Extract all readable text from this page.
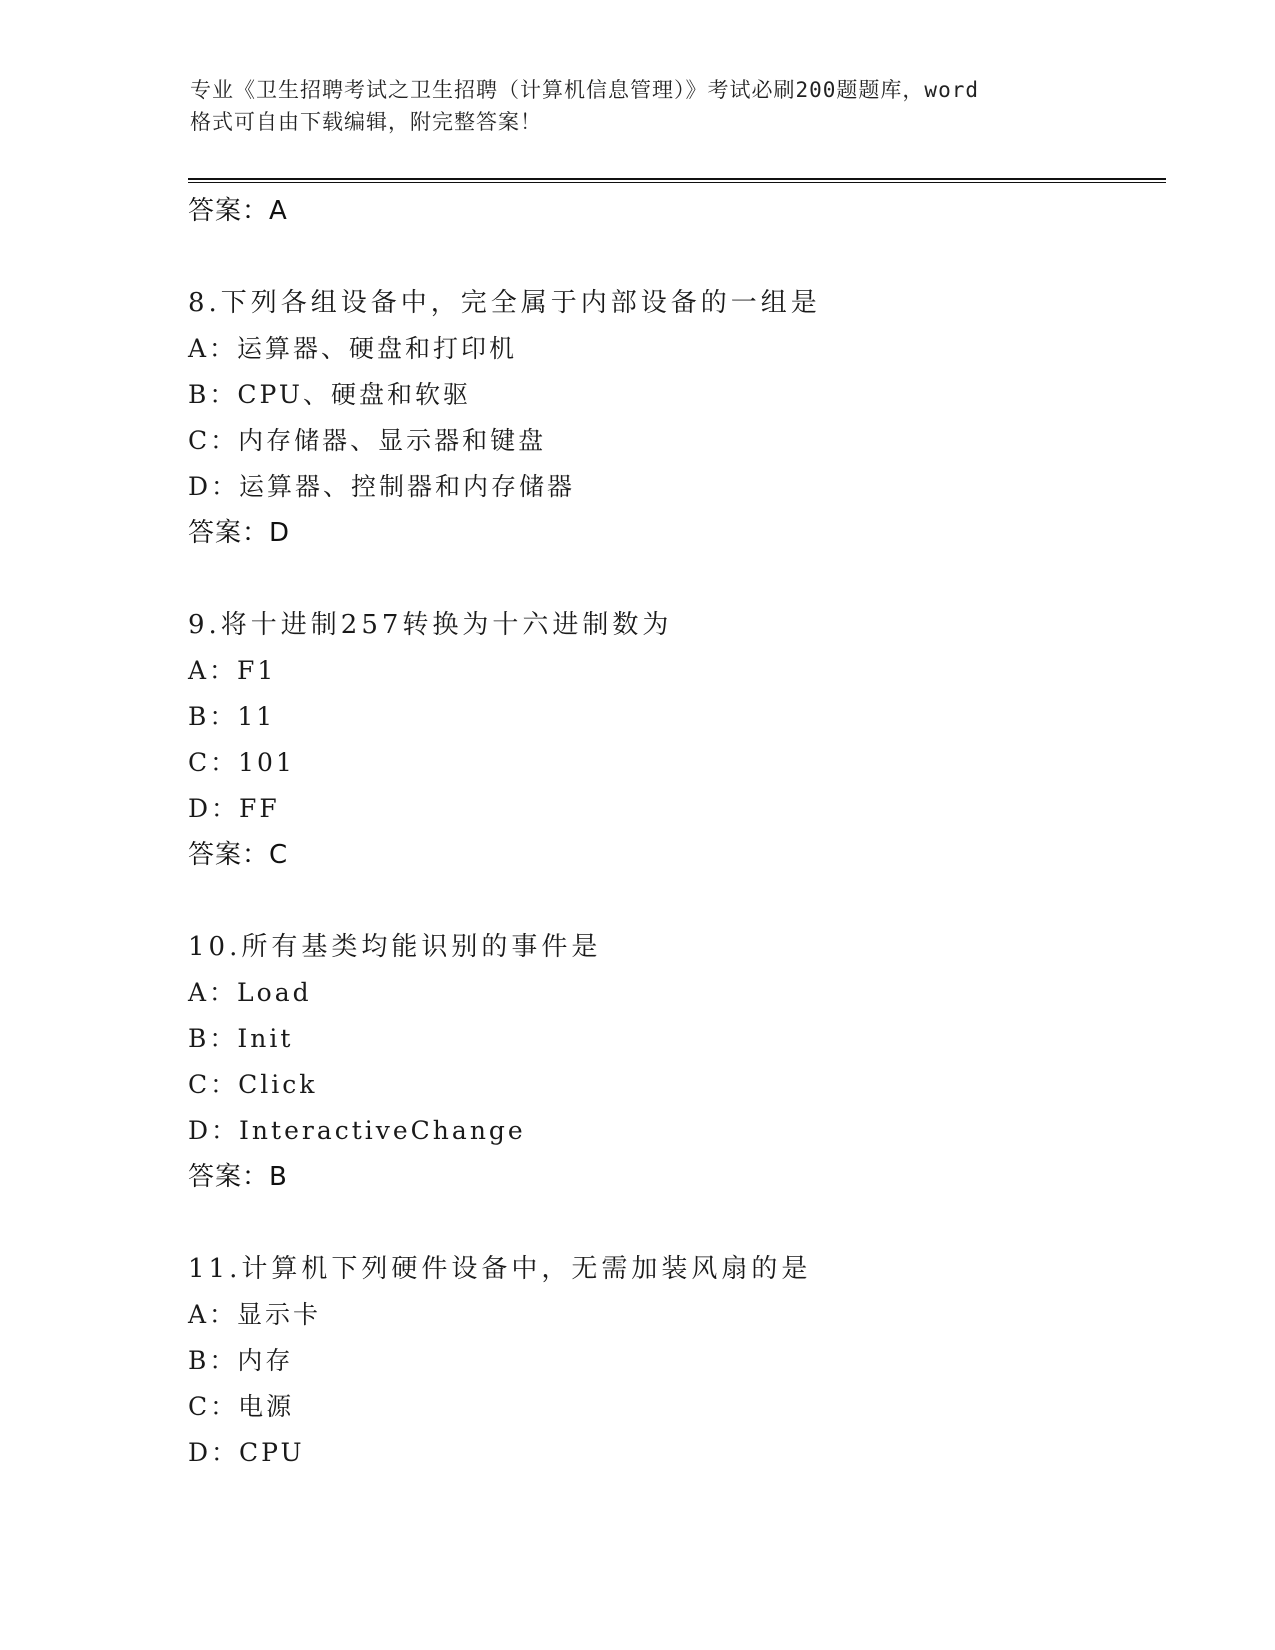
专业《卫生招聘考试之卫生招聘（计算机信息管理）》考试必刷200题题库，word
格式可自由下载编辑，附完整答案！
答案：A
8.下列各组设备中，完全属于内部设备的一组是
A：运算器、硬盘和打印机
B：CPU、硬盘和软驱
C：内存储器、显示器和键盘
D：运算器、控制器和内存储器
答案：D
9.将十进制257转换为十六进制数为
A：F1
B：11
C：101
D：FF
答案：C
10.所有基类均能识别的事件是
A：Load
B：Init
C：Click
D：InteractiveChange
答案：B
11.计算机下列硬件设备中，无需加装风扇的是
A：显示卡
B：内存
C：电源
D：CPU
